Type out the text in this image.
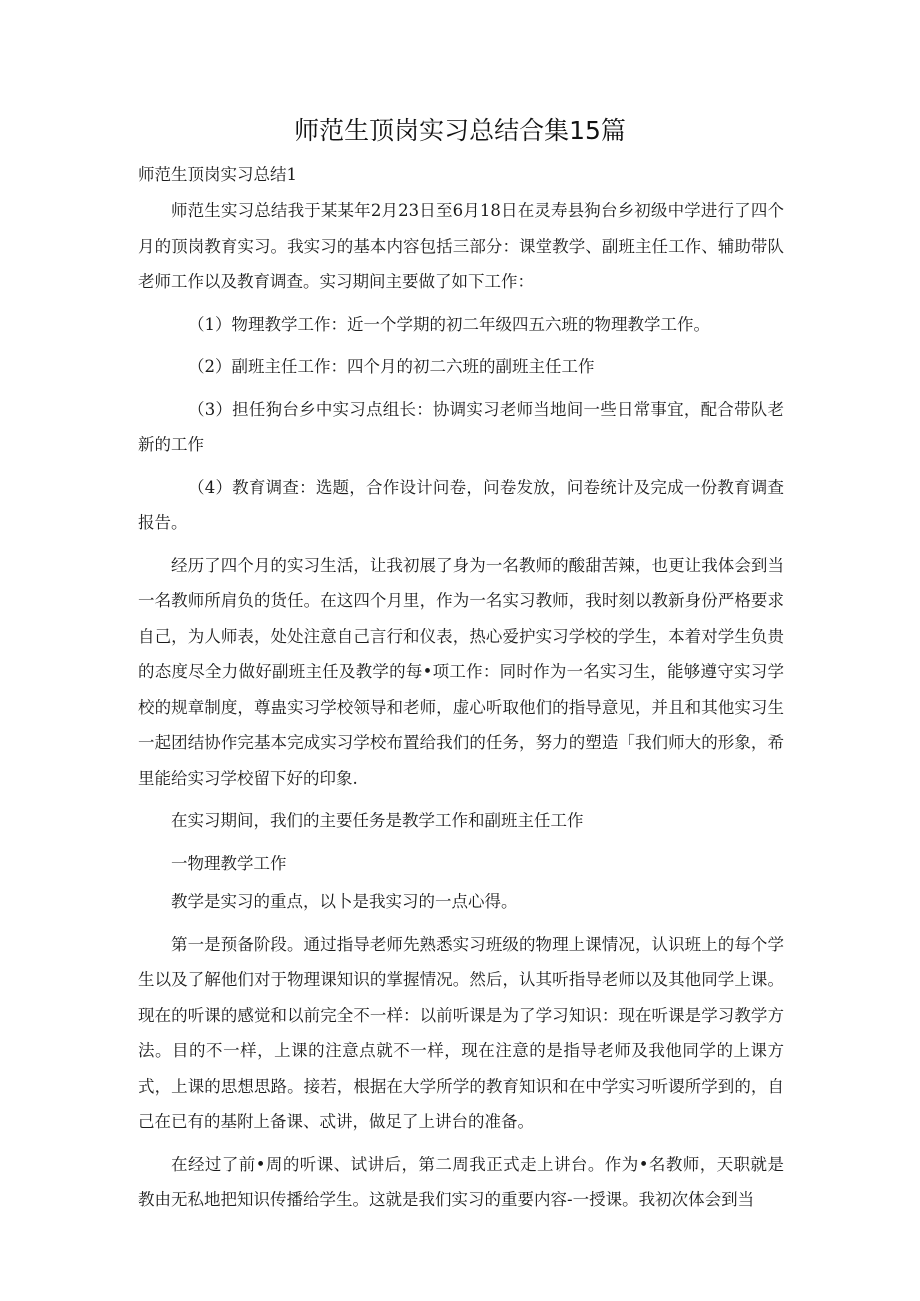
师范生顶岗实习总结合集15篇

师范生顶岗实习总结1

师范生实习总结我于某某年2月23日至6月18日在灵寿县狗台乡初级中学进行了四个月的顶岗教育实习。我实习的基本内容包括三部分：课堂教学、副班主任工作、辅助带队老师工作以及教育调查。实习期间主要做了如下工作：

（1）物理教学工作：近一个学期的初二年级四五六班的物理教学工作。

（2）副班主任工作：四个月的初二六班的副班主任工作

（3）担任狗台乡中实习点组长：协调实习老师当地间一些日常事宜，配合带队老新的工作

（4）教育调查：选题，合作设计问卷，问卷发放，问卷统计及完成一份教育调查报告。

经历了四个月的实习生活，让我初展了身为一名教师的酸甜苦辣，也更让我体会到当一名教师所肩负的货任。在这四个月里，作为一名实习教师，我时刻以教新身份严格要求自己，为人师表，处处注意自己言行和仪表，热心爱护实习学校的学生，本着对学生负贵的态度尽全力做好副班主任及教学的每•项工作：同时作为一名实习生，能够遵守实习学校的规章制度，尊蛊实习学校领导和老师，虚心听取他们的指导意见，并且和其他实习生一起团结协作完基本完成实习学校布置给我们的任务，努力的塑造「我们师大的形象，希里能给实习学校留下好的印象.

在实习期间，我们的主要任务是教学工作和副班主任工作

一物理教学工作

教学是实习的重点，以卜是我实习的一点心得。

第一是预备阶段。通过指导老师先熟悉实习班级的物理上课情况，认识班上的每个学生以及了解他们对于物理课知识的掌握情况。然后，认其听指导老师以及其他同学上课。现在的听课的感觉和以前完全不一样：以前听课是为了学习知识：现在听课是学习教学方法。目的不一样，上课的注意点就不一样，现在注意的是指导老师及我他同学的上课方式，上课的思想思路。接若，根据在大学所学的教育知识和在中学实习听谡所学到的，自己在已有的基附上备课、忒讲，做足了上讲台的准备。

在经过了前•周的听课、试讲后，第二周我正式走上讲台。作为•名教师，天职就是教由无私地把知识传播给学生。这就是我们实习的重要内容-一授课。我初次体会到当
